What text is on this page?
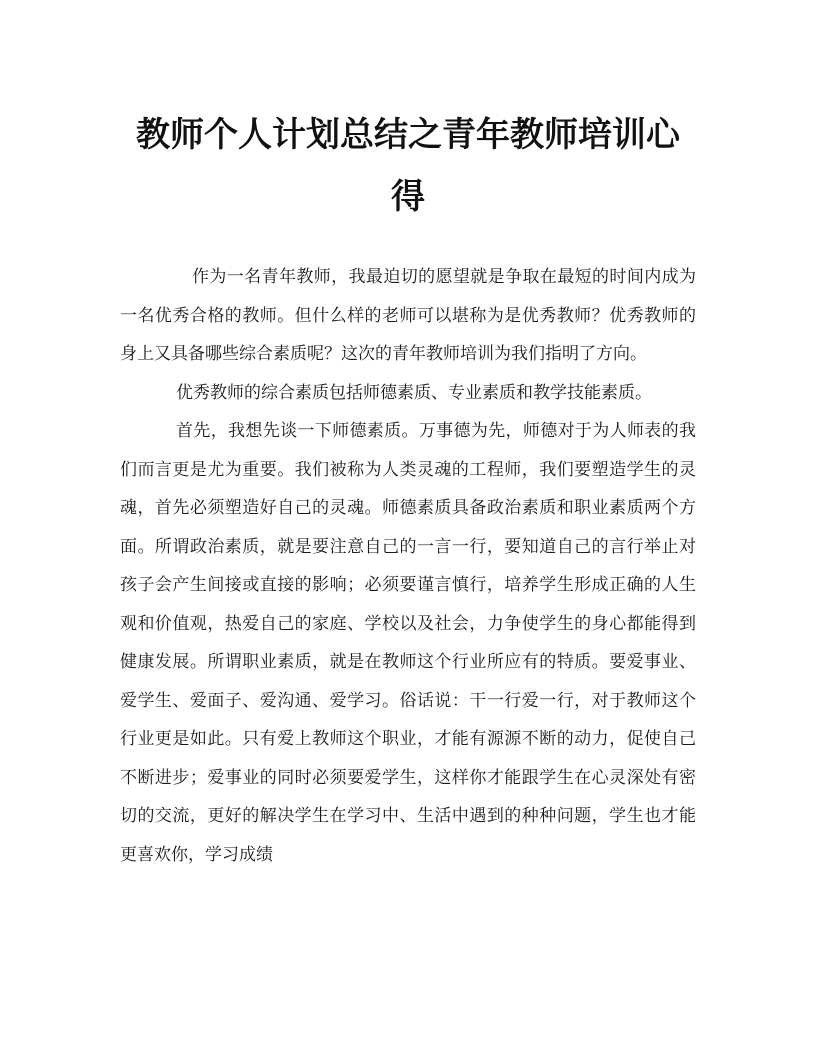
教师个人计划总结之青年教师培训心得

作为一名青年教师，我最迫切的愿望就是争取在最短的时间内成为一名优秀合格的教师。但什么样的老师可以堪称为是优秀教师？优秀教师的身上又具备哪些综合素质呢？这次的青年教师培训为我们指明了方向。

优秀教师的综合素质包括师德素质、专业素质和教学技能素质。

首先，我想先谈一下师德素质。万事德为先，师德对于为人师表的我们而言更是尤为重要。我们被称为人类灵魂的工程师，我们要塑造学生的灵魂，首先必须塑造好自己的灵魂。师德素质具备政治素质和职业素质两个方面。所谓政治素质，就是要注意自己的一言一行，要知道自己的言行举止对孩子会产生间接或直接的影响；必须要谨言慎行，培养学生形成正确的人生观和价值观，热爱自己的家庭、学校以及社会，力争使学生的身心都能得到健康发展。所谓职业素质，就是在教师这个行业所应有的特质。要爱事业、爱学生、爱面子、爱沟通、爱学习。俗话说：干一行爱一行，对于教师这个行业更是如此。只有爱上教师这个职业，才能有源源不断的动力，促使自己不断进步；爱事业的同时必须要爱学生，这样你才能跟学生在心灵深处有密切的交流，更好的解决学生在学习中、生活中遇到的种种问题，学生也才能更喜欢你，学习成绩
